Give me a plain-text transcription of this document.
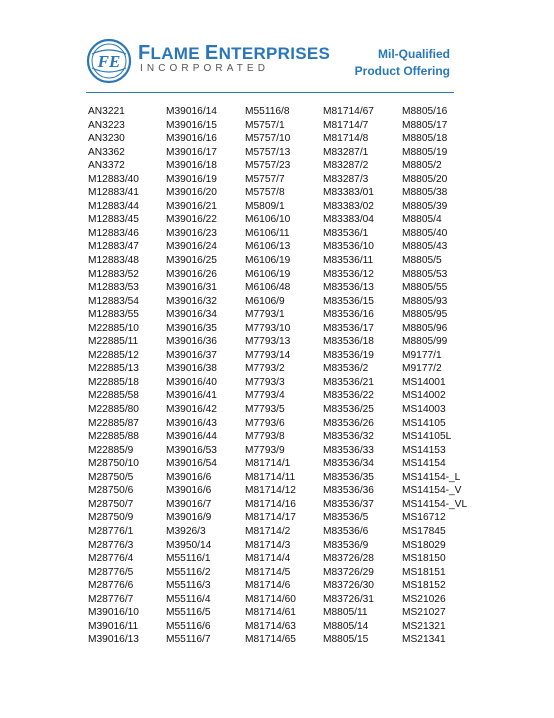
FE FLAME ENTERPRISES
INCORPORATED
Mil-Qualified
Product Offering
AN3221
AN3223
AN3230
AN3362
AN3372
M12883/40
M12883/41
M12883/44
M12883/45
M12883/46
M12883/47
M12883/48
M12883/52
M12883/53
M12883/54
M12883/55
M22885/10
M22885/11
M22885/12
M22885/13
M22885/18
M22885/58
M22885/80
M22885/87
M22885/88
M22885/9
M28750/10
M28750/5
M28750/6
M28750/7
M28750/9
M28776/1
M28776/3
M28776/4
M28776/5
M28776/6
M28776/7
M39016/10
M39016/11
M39016/13
M39016/14
M39016/15
M39016/16
M39016/17
M39016/18
M39016/19
M39016/20
M39016/21
M39016/22
M39016/23
M39016/24
M39016/25
M39016/26
M39016/31
M39016/32
M39016/34
M39016/35
M39016/36
M39016/37
M39016/38
M39016/40
M39016/41
M39016/42
M39016/43
M39016/44
M39016/53
M39016/54
M39016/6
M39016/6
M39016/7
M39016/9
M3926/3
M3950/14
M55116/1
M55116/2
M55116/3
M55116/4
M55116/5
M55116/6
M55116/7
M55116/8
M5757/1
M5757/10
M5757/13
M5757/23
M5757/7
M5757/8
M5809/1
M6106/10
M6106/11
M6106/13
M6106/19
M6106/19
M6106/48
M6106/9
M7793/1
M7793/10
M7793/13
M7793/14
M7793/2
M7793/3
M7793/4
M7793/5
M7793/6
M7793/8
M7793/9
M81714/1
M81714/11
M81714/12
M81714/16
M81714/17
M81714/2
M81714/3
M81714/4
M81714/5
M81714/6
M81714/60
M81714/61
M81714/63
M81714/65
M81714/67
M81714/7
M81714/8
M83287/1
M83287/2
M83287/3
M83383/01
M83383/02
M83383/04
M83536/1
M83536/10
M83536/11
M83536/12
M83536/13
M83536/15
M83536/16
M83536/17
M83536/18
M83536/19
M83536/2
M83536/21
M83536/22
M83536/25
M83536/26
M83536/32
M83536/33
M83536/34
M83536/35
M83536/36
M83536/37
M83536/5
M83536/6
M83536/9
M83726/28
M83726/29
M83726/30
M83726/31
M8805/11
M8805/14
M8805/15
M8805/16
M8805/17
M8805/18
M8805/19
M8805/2
M8805/20
M8805/38
M8805/39
M8805/4
M8805/40
M8805/43
M8805/5
M8805/53
M8805/55
M8805/93
M8805/95
M8805/96
M8805/99
M9177/1
M9177/2
MS14001
MS14002
MS14003
MS14105
MS14105L
MS14153
MS14154
MS14154-_L
MS14154-_V
MS14154-_VL
MS16712
MS17845
MS18029
MS18150
MS18151
MS18152
MS21026
MS21027
MS21321
MS21341
